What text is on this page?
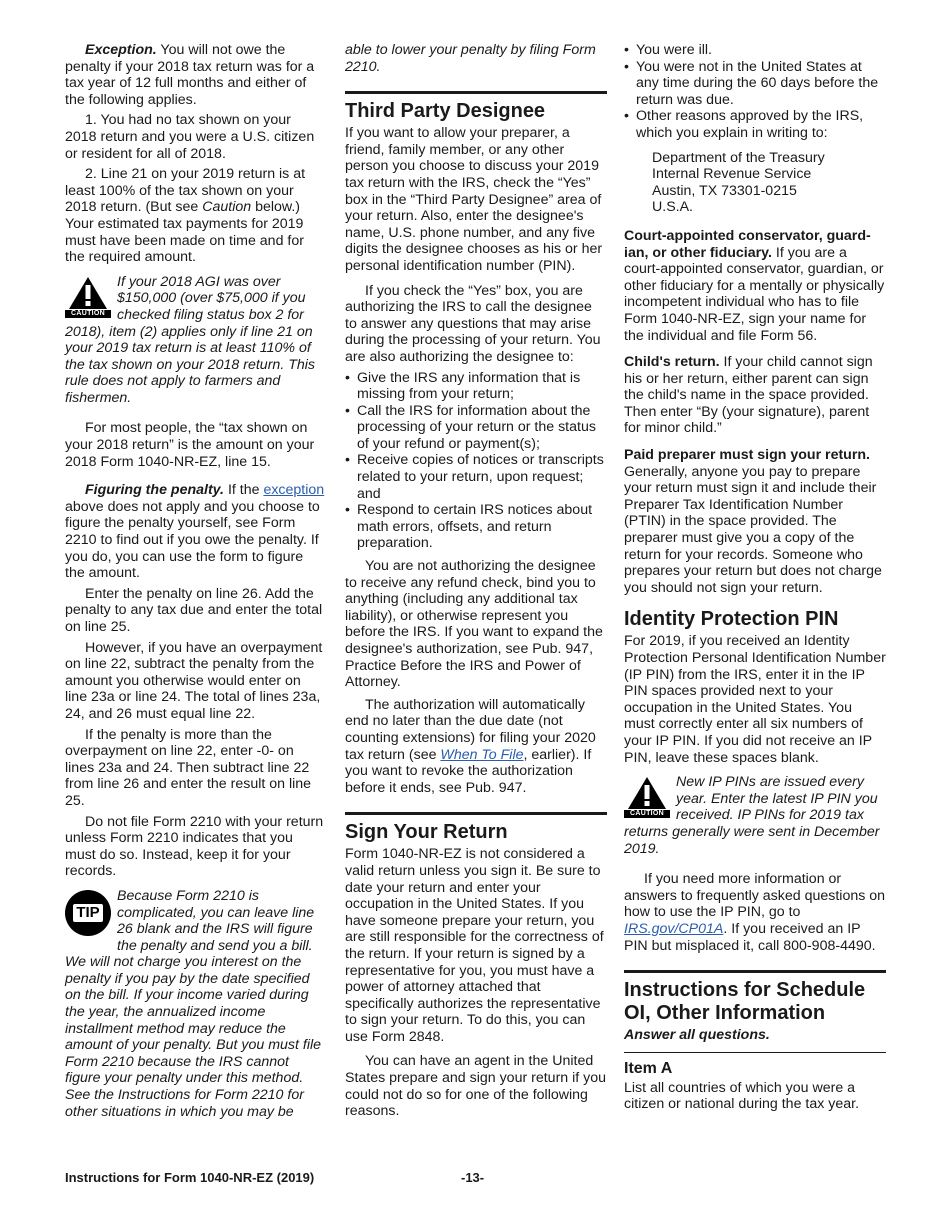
Exception. You will not owe the penalty if your 2018 tax return was for a tax year of 12 full months and either of the following applies.

1. You had no tax shown on your 2018 return and you were a U.S. citizen or resident for all of 2018.

2. Line 21 on your 2019 return is at least 100% of the tax shown on your 2018 return. (But see Caution below.) Your estimated tax payments for 2019 must have been made on time and for the required amount.

CAUTION

If your 2018 AGI was over $150,000 (over $75,000 if you checked filing status box 2 for 2018), item (2) applies only if line 21 on your 2019 tax return is at least 110% of the tax shown on your 2018 return. This rule does not apply to farmers and fishermen.

For most people, the “tax shown on your 2018 return” is the amount on your 2018 Form 1040-NR-EZ, line 15.

Figuring the penalty. If the exception above does not apply and you choose to figure the penalty yourself, see Form 2210 to find out if you owe the penalty. If you do, you can use the form to figure the amount.

Enter the penalty on line 26. Add the penalty to any tax due and enter the total on line 25.

However, if you have an overpayment on line 22, subtract the penalty from the amount you otherwise would enter on line 23a or line 24. The total of lines 23a, 24, and 26 must equal line 22.

If the penalty is more than the overpayment on line 22, enter -0- on lines 23a and 24. Then subtract line 22 from line 26 and enter the result on line 25.

Do not file Form 2210 with your return unless Form 2210 indicates that you must do so. Instead, keep it for your records.

TIP

Because Form 2210 is complicated, you can leave line 26 blank and the IRS will figure the penalty and send you a bill. We will not charge you interest on the penalty if you pay by the date specified on the bill. If your income varied during the year, the annualized income installment method may reduce the amount of your penalty. But you must file Form 2210 because the IRS cannot figure your penalty under this method. See the Instructions for Form 2210 for other situations in which you may be

able to lower your penalty by filing Form 2210.

Third Party Designee

If you want to allow your preparer, a friend, family member, or any other person you choose to discuss your 2019 tax return with the IRS, check the “Yes” box in the “Third Party Designee” area of your return. Also, enter the designee's name, U.S. phone number, and any five digits the designee chooses as his or her personal identification number (PIN).

If you check the “Yes” box, you are authorizing the IRS to call the designee to answer any questions that may arise during the processing of your return. You are also authorizing the designee to:

• Give the IRS any information that is missing from your return;
• Call the IRS for information about the processing of your return or the status of your refund or payment(s);
• Receive copies of notices or transcripts related to your return, upon request; and
• Respond to certain IRS notices about math errors, offsets, and return preparation.

You are not authorizing the designee to receive any refund check, bind you to anything (including any additional tax liability), or otherwise represent you before the IRS. If you want to expand the designee's authorization, see Pub. 947, Practice Before the IRS and Power of Attorney.

The authorization will automatically end no later than the due date (not counting extensions) for filing your 2020 tax return (see When To File, earlier). If you want to revoke the authorization before it ends, see Pub. 947.

Sign Your Return

Form 1040-NR-EZ is not considered a valid return unless you sign it. Be sure to date your return and enter your occupation in the United States. If you have someone prepare your return, you are still responsible for the correctness of the return. If your return is signed by a representative for you, you must have a power of attorney attached that specifically authorizes the representative to sign your return. To do this, you can use Form 2848.

You can have an agent in the United States prepare and sign your return if you could not do so for one of the following reasons.

• You were ill.
• You were not in the United States at any time during the 60 days before the return was due.
• Other reasons approved by the IRS, which you explain in writing to:
Department of the Treasury
Internal Revenue Service
Austin, TX 73301-0215
U.S.A.

Court-appointed conservator, guard-ian, or other fiduciary. If you are a court-appointed conservator, guardian, or other fiduciary for a mentally or physically incompetent individual who has to file Form 1040-NR-EZ, sign your name for the individual and file Form 56.

Child's return. If your child cannot sign his or her return, either parent can sign the child's name in the space provided. Then enter “By (your signature), parent for minor child.”

Paid preparer must sign your return. Generally, anyone you pay to prepare your return must sign it and include their Preparer Tax Identification Number (PTIN) in the space provided. The preparer must give you a copy of the return for your records. Someone who prepares your return but does not charge you should not sign your return.

Identity Protection PIN

For 2019, if you received an Identity Protection Personal Identification Number (IP PIN) from the IRS, enter it in the IP PIN spaces provided next to your occupation in the United States. You must correctly enter all six numbers of your IP PIN. If you did not receive an IP PIN, leave these spaces blank.

CAUTION

New IP PINs are issued every year. Enter the latest IP PIN you received. IP PINs for 2019 tax returns generally were sent in December 2019.

If you need more information or answers to frequently asked questions on how to use the IP PIN, go to IRS.gov/CP01A. If you received an IP PIN but misplaced it, call 800-908-4490.

Instructions for Schedule OI, Other Information

Answer all questions.

Item A

List all countries of which you were a citizen or national during the tax year.

Instructions for Form 1040-NR-EZ (2019)	-13-
